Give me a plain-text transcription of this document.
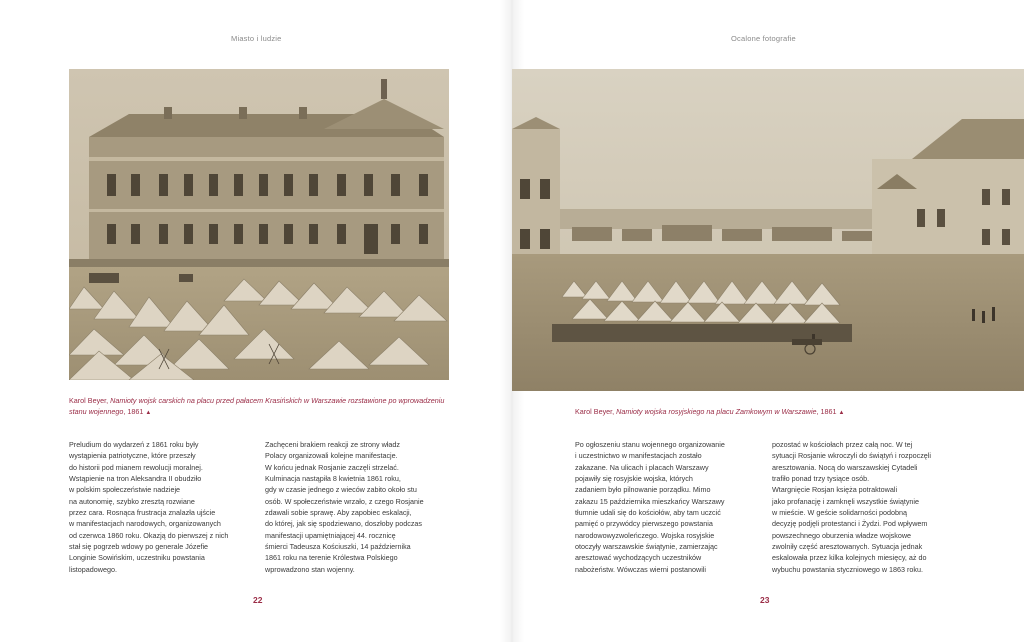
Miasto i ludzie
Karol Beyer, Namioty wojsk carskich na placu przed pałacem Krasińskich w Warszawie rozstawione po wprowadzeniu stanu wojennego, 1861 ▲
Preludium do wydarzeń z 1861 roku były
wystąpienia patriotyczne, które przeszły
do historii pod mianem rewolucji moralnej.
Wstąpienie na tron Aleksandra II obudziło
w polskim społeczeństwie nadzieje
na autonomię, szybko zresztą rozwiane
przez cara. Rosnąca frustracja znalazła ujście
w manifestacjach narodowych, organizowanych
od czerwca 1860 roku. Okazją do pierwszej z nich
stał się pogrzeb wdowy po generale Józefie
Longinie Sowińskim, uczestniku powstania
listopadowego.
Zachęceni brakiem reakcji ze strony władz
Polacy organizowali kolejne manifestacje.
W końcu jednak Rosjanie zaczęli strzelać.
Kulminacja nastąpiła 8 kwietnia 1861 roku,
gdy w czasie jednego z wieców zabito około stu
osób. W społeczeństwie wrzało, z czego Rosjanie
zdawali sobie sprawę. Aby zapobiec eskalacji,
do której, jak się spodziewano, doszłoby podczas
manifestacji upamiętniającej 44. rocznicę
śmierci Tadeusza Kościuszki, 14 października
1861 roku na terenie Królestwa Polskiego
wprowadzono stan wojenny.
22
Ocalone fotografie
Karol Beyer, Namioty wojska rosyjskiego na placu Zamkowym w Warszawie, 1861 ▲
Po ogłoszeniu stanu wojennego organizowanie
i uczestnictwo w manifestacjach zostało
zakazane. Na ulicach i placach Warszawy
pojawiły się rosyjskie wojska, których
zadaniem było pilnowanie porządku. Mimo
zakazu 15 października mieszkańcy Warszawy
tłumnie udali się do kościołów, aby tam uczcić
pamięć o przywódcy pierwszego powstania
narodowowyzwoleńczego. Wojska rosyjskie
otoczyły warszawskie świątynie, zamierzając
aresztować wychodzących uczestników
nabożeństw. Wówczas wierni postanowili
pozostać w kościołach przez całą noc. W tej
sytuacji Rosjanie wkroczyli do świątyń i rozpoczęli
aresztowania. Nocą do warszawskiej Cytadeli
trafiło ponad trzy tysiące osób.
Wtargnięcie Rosjan księża potraktowali
jako profanację i zamknęli wszystkie świątynie
w mieście. W geście solidarności podobną
decyzję podjęli protestanci i Żydzi. Pod wpływem
powszechnego oburzenia władze wojskowe
zwolniły część aresztowanych. Sytuacja jednak
eskalowała przez kilka kolejnych miesięcy, aż do
wybuchu powstania styczniowego w 1863 roku.
23
